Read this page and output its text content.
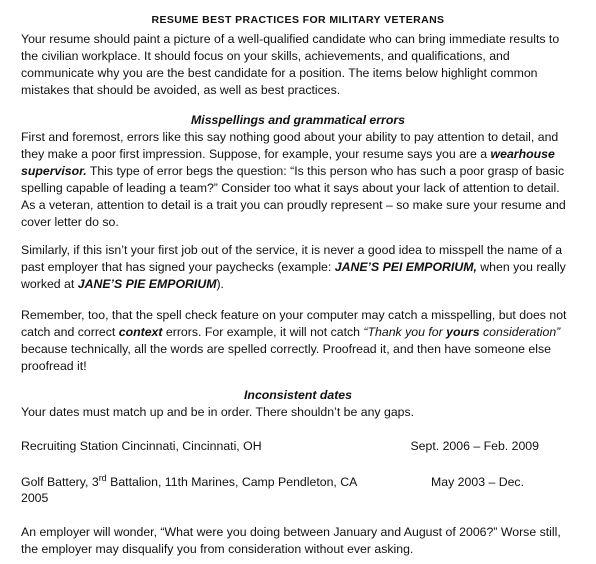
RESUME BEST PRACTICES FOR MILITARY VETERANS

Your resume should paint a picture of a well-qualified candidate who can bring immediate results to the civilian workplace. It should focus on your skills, achievements, and qualifications, and communicate why you are the best candidate for a position. The items below highlight common mistakes that should be avoided, as well as best practices.

Misspellings and grammatical errors

First and foremost, errors like this say nothing good about your ability to pay attention to detail, and they make a poor first impression. Suppose, for example, your resume says you are a wearhouse supervisor. This type of error begs the question: “Is this person who has such a poor grasp of basic spelling capable of leading a team?” Consider too what it says about your lack of attention to detail. As a veteran, attention to detail is a trait you can proudly represent – so make sure your resume and cover letter do so.

Similarly, if this isn’t your first job out of the service, it is never a good idea to misspell the name of a past employer that has signed your paychecks (example: JANE’S PEI EMPORIUM, when you really worked at JANE’S PIE EMPORIUM).

Remember, too, that the spell check feature on your computer may catch a misspelling, but does not catch and correct context errors. For example, it will not catch “Thank you for yours consideration” because technically, all the words are spelled correctly. Proofread it, and then have someone else proofread it!

Inconsistent dates

Your dates must match up and be in order. There shouldn’t be any gaps.

Recruiting Station Cincinnati, Cincinnati, OH	Sept. 2006 – Feb. 2009
Golf Battery, 3rd Battalion, 11th Marines, Camp Pendleton, CA	May 2003 – Dec.
2005

An employer will wonder, “What were you doing between January and August of 2006?” Worse still, the employer may disqualify you from consideration without ever asking.
